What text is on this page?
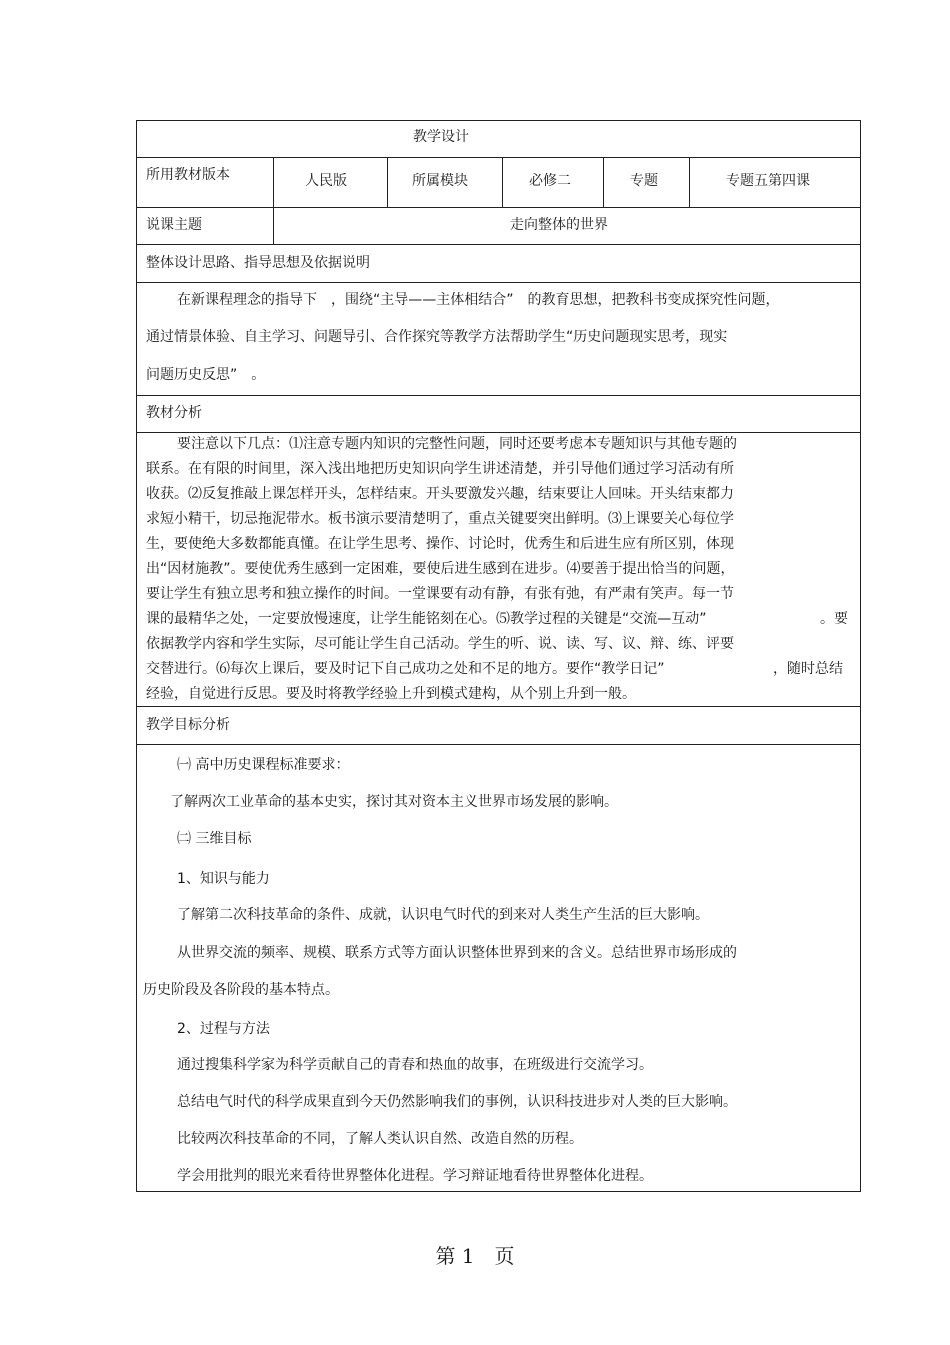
教学设计
所用教材版本	人民版	所属模块	必修二	专题	专题五第四课
说课主题	走向整体的世界
整体设计思路、指导思想及依据说明
在新课程理念的指导下　，围绕“主导——主体相结合”　的教育思想，把教科书变成探究性问题，
通过情景体验、自主学习、问题导引、合作探究等教学方法帮助学生“历史问题现实思考，现实
问题历史反思”　。
教材分析
要注意以下几点：⑴注意专题内知识的完整性问题，同时还要考虑本专题知识与其他专题的
联系。在有限的时间里，深入浅出地把历史知识向学生讲述清楚，并引导他们通过学习活动有所
收获。⑵反复推敲上课怎样开头，怎样结束。开头要激发兴趣，结束要让人回味。开头结束都力
求短小精干，切忌拖泥带水。板书演示要清楚明了，重点关键要突出鲜明。⑶上课要关心每位学
生，要使绝大多数都能真懂。在让学生思考、操作、讨论时，优秀生和后进生应有所区别，体现
出“因材施教”。要使优秀生感到一定困难，要使后进生感到在进步。⑷要善于提出恰当的问题，
要让学生有独立思考和独立操作的时间。一堂课要有动有静，有张有弛，有严肃有笑声。每一节
课的最精华之处，一定要放慢速度，让学生能铭刻在心。⑸教学过程的关键是“交流—互动”	。要
依据教学内容和学生实际，尽可能让学生自己活动。学生的听、说、读、写、议、辩、练、评要
交替进行。⑹每次上课后，要及时记下自己成功之处和不足的地方。要作“教学日记”	，随时总结
经验，自觉进行反思。要及时将教学经验上升到模式建构，从个别上升到一般。
教学目标分析
㈠ 高中历史课程标准要求：
了解两次工业革命的基本史实，探讨其对资本主义世界市场发展的影响。
㈡ 三维目标
1、知识与能力
了解第二次科技革命的条件、成就，认识电气时代的到来对人类生产生活的巨大影响。
从世界交流的频率、规模、联系方式等方面认识整体世界到来的含义。总结世界市场形成的
历史阶段及各阶段的基本特点。
2、过程与方法
通过搜集科学家为科学贡献自己的青春和热血的故事，在班级进行交流学习。
总结电气时代的科学成果直到今天仍然影响我们的事例，认识科技进步对人类的巨大影响。
比较两次科技革命的不同，了解人类认识自然、改造自然的历程。
学会用批判的眼光来看待世界整体化进程。学习辩证地看待世界整体化进程。
第 1　页
